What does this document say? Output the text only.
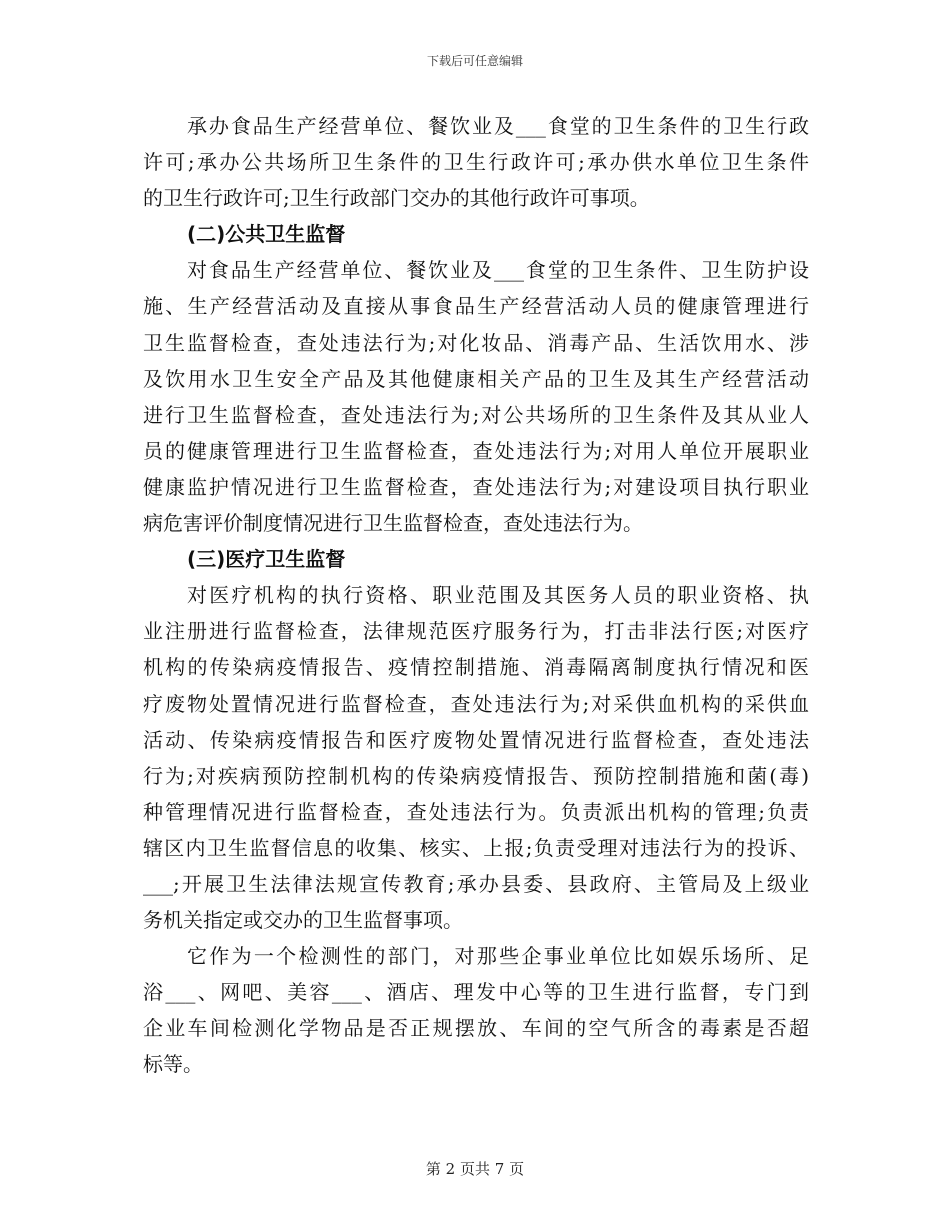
下载后可任意编辑
承办食品生产经营单位、餐饮业及___食堂的卫生条件的卫生行政
许可;承办公共场所卫生条件的卫生行政许可;承办供水单位卫生条件
的卫生行政许可;卫生行政部门交办的其他行政许可事项。
(二)公共卫生监督
对食品生产经营单位、餐饮业及___食堂的卫生条件、卫生防护设
施、生产经营活动及直接从事食品生产经营活动人员的健康管理进行
卫生监督检查，查处违法行为;对化妆品、消毒产品、生活饮用水、涉
及饮用水卫生安全产品及其他健康相关产品的卫生及其生产经营活动
进行卫生监督检查，查处违法行为;对公共场所的卫生条件及其从业人
员的健康管理进行卫生监督检查，查处违法行为;对用人单位开展职业
健康监护情况进行卫生监督检查，查处违法行为;对建设项目执行职业
病危害评价制度情况进行卫生监督检查，查处违法行为。
(三)医疗卫生监督
对医疗机构的执行资格、职业范围及其医务人员的职业资格、执
业注册进行监督检查，法律规范医疗服务行为，打击非法行医;对医疗
机构的传染病疫情报告、疫情控制措施、消毒隔离制度执行情况和医
疗废物处置情况进行监督检查，查处违法行为;对采供血机构的采供血
活动、传染病疫情报告和医疗废物处置情况进行监督检查，查处违法
行为;对疾病预防控制机构的传染病疫情报告、预防控制措施和菌(毒)
种管理情况进行监督检查，查处违法行为。负责派出机构的管理;负责
辖区内卫生监督信息的收集、核实、上报;负责受理对违法行为的投诉、
___;开展卫生法律法规宣传教育;承办县委、县政府、主管局及上级业
务机关指定或交办的卫生监督事项。
它作为一个检测性的部门，对那些企事业单位比如娱乐场所、足
浴___、网吧、美容___、酒店、理发中心等的卫生进行监督，专门到
企业车间检测化学物品是否正规摆放、车间的空气所含的毒素是否超
标等。
第 2 页共 7 页
